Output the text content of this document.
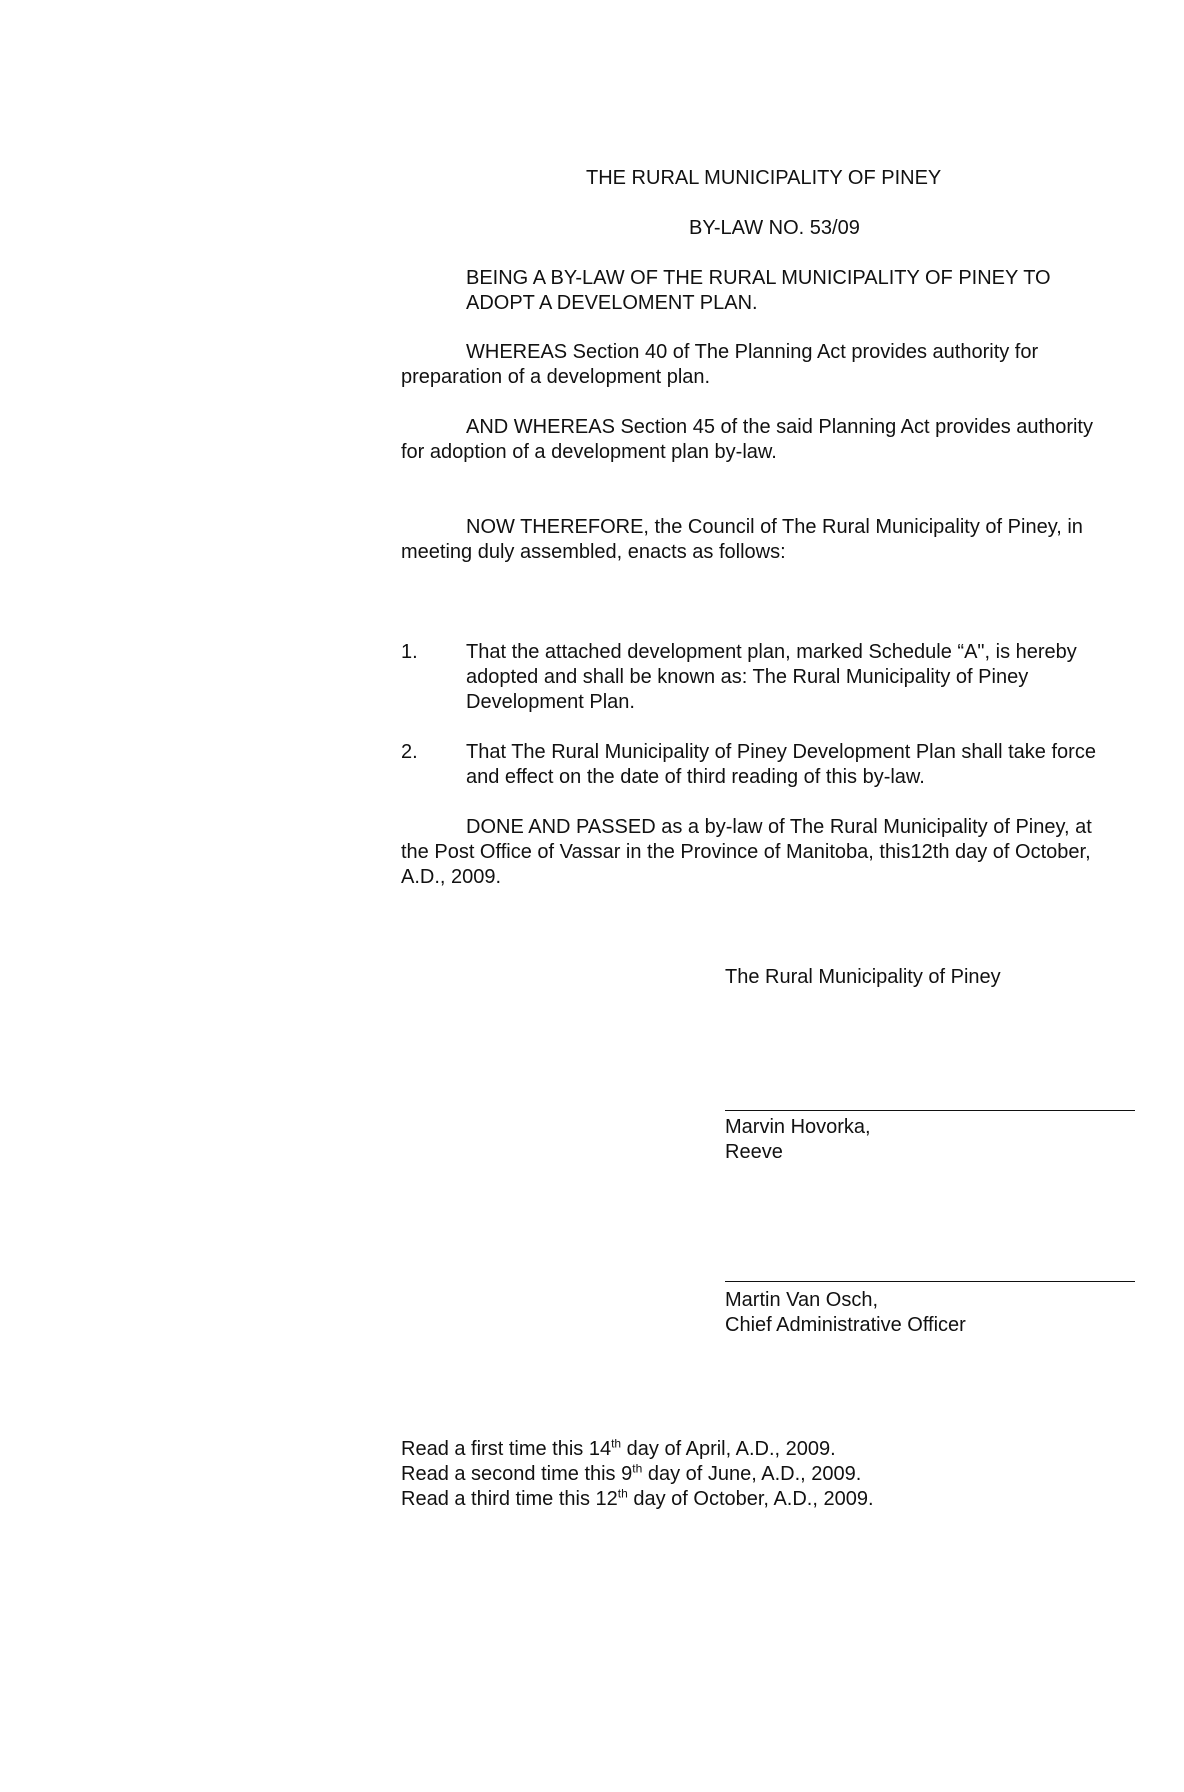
THE RURAL MUNICIPALITY OF PINEY

BY-LAW NO. 53/09

BEING A BY-LAW OF THE RURAL MUNICIPALITY OF PINEY TO

ADOPT A DEVELOMENT PLAN.

WHEREAS Section 40 of The Planning Act provides authority for

preparation of a development plan.

AND WHEREAS Section 45 of the said Planning Act provides authority

for adoption of a development plan by-law.

NOW THEREFORE, the Council of The Rural Municipality of Piney, in

meeting duly assembled, enacts as follows:

1. That the attached development plan, marked Schedule “A", is hereby

adopted and shall be known as: The Rural Municipality of Piney

Development Plan.

2. That The Rural Municipality of Piney Development Plan shall take force

and effect on the date of third reading of this by-law.

DONE AND PASSED as a by-law of The Rural Municipality of Piney, at

the Post Office of Vassar in the Province of Manitoba, this12th day of October,

A.D., 2009.

The Rural Municipality of Piney

Marvin Hovorka,

Reeve

Martin Van Osch,

Chief Administrative Officer

Read a first time this 14th day of April, A.D., 2009.

Read a second time this 9th day of June, A.D., 2009.

Read a third time this 12th day of October, A.D., 2009.
